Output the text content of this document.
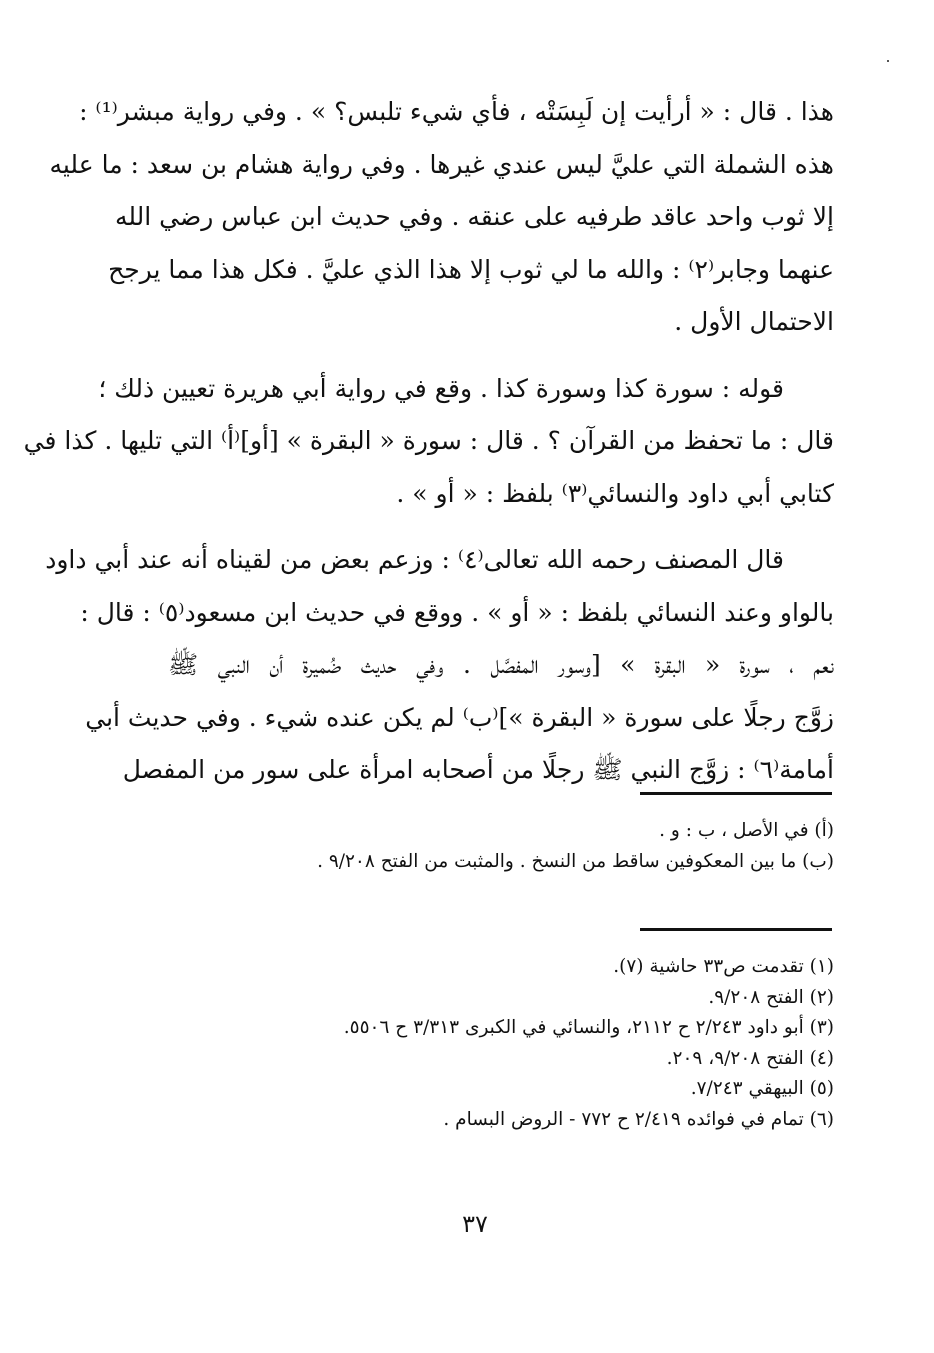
هذا . قال : « أرأيت إن لَبِسَتْه ، فأي شيء تلبس؟ » . وفي رواية مبشر⁽¹⁾ :
هذه الشملة التي عليَّ ليس عندي غيرها . وفي رواية هشام بن سعد : ما عليه
إلا ثوب واحد عاقد طرفيه على عنقه . وفي حديث ابن عباس رضي الله
عنهما وجابر⁽٢⁾ : والله ما لي ثوب إلا هذا الذي عليَّ . فكل هذا مما يرجح
الاحتمال الأول .

قوله : سورة كذا وسورة كذا . وقع في رواية أبي هريرة تعيين ذلك ؛
قال : ما تحفظ من القرآن ؟ . قال : سورة « البقرة » [أو]⁽أ⁾ التي تليها . كذا في
كتابي أبي داود والنسائي⁽٣⁾ بلفظ : « أو » .

قال المصنف رحمه الله تعالى⁽٤⁾ : وزعم بعض من لقيناه أنه عند أبي داود
بالواو وعند النسائي بلفظ : « أو » . ووقع في حديث ابن مسعود⁽٥⁾ : قال :
نعم ، سورة « البقرة » [وسور المفصَّل . وفي حديث ضُميرة أن النبي ﷺ
زوَّج رجلًا على سورة « البقرة »]⁽ب⁾ لم يكن عنده شيء . وفي حديث أبي
أمامة⁽٦⁾ : زوَّج النبي ﷺ رجلًا من أصحابه امرأة على سور من المفصل

(أ) في الأصل ، ب : و .
(ب) ما بين المعكوفين ساقط من النسخ . والمثبت من الفتح ٩/٢٠٨ .
(١) تقدمت ص٣٣ حاشية (٧).
(٢) الفتح ٩/٢٠٨.
(٣) أبو داود ٢/٢٤٣ ح ٢١١٢، والنسائي في الكبرى ٣/٣١٣ ح ٥٥٠٦.
(٤) الفتح ٩/٢٠٨، ٢٠٩.
(٥) البيهقي ٧/٢٤٣.
(٦) تمام في فوائده ٢/٤١٩ ح ٧٧٢ - الروض البسام .
٣٧
